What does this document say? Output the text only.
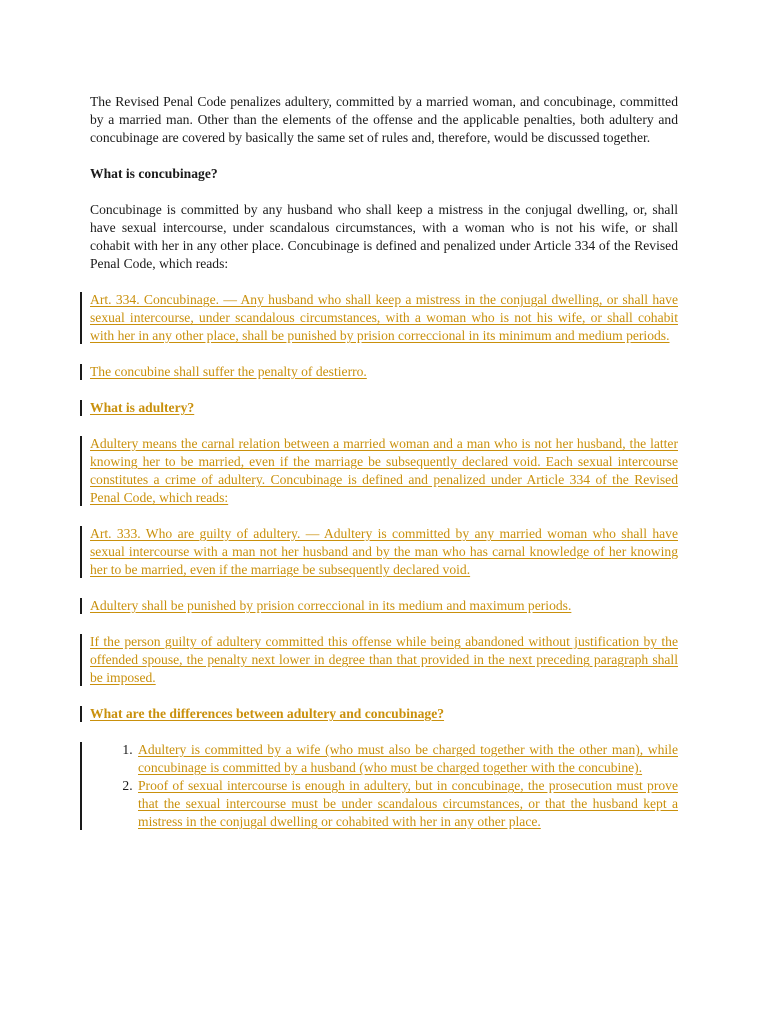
The Revised Penal Code penalizes adultery, committed by a married woman, and concubinage, committed by a married man. Other than the elements of the offense and the applicable penalties, both adultery and concubinage are covered by basically the same set of rules and, therefore, would be discussed together.

What is concubinage?

Concubinage is committed by any husband who shall keep a mistress in the conjugal dwelling, or, shall have sexual intercourse, under scandalous circumstances, with a woman who is not his wife, or shall cohabit with her in any other place. Concubinage is defined and penalized under Article 334 of the Revised Penal Code, which reads:

Art. 334. Concubinage. — Any husband who shall keep a mistress in the conjugal dwelling, or shall have sexual intercourse, under scandalous circumstances, with a woman who is not his wife, or shall cohabit with her in any other place, shall be punished by prision correccional in its minimum and medium periods.
The concubine shall suffer the penalty of destierro.
What is adultery?
Adultery means the carnal relation between a married woman and a man who is not her husband, the latter knowing her to be married, even if the marriage be subsequently declared void. Each sexual intercourse constitutes a crime of adultery. Concubinage is defined and penalized under Article 334 of the Revised Penal Code, which reads:
Art. 333. Who are guilty of adultery. — Adultery is committed by any married woman who shall have sexual intercourse with a man not her husband and by the man who has carnal knowledge of her knowing her to be married, even if the marriage be subsequently declared void.
Adultery shall be punished by prision correccional in its medium and maximum periods.
If the person guilty of adultery committed this offense while being abandoned without justification by the offended spouse, the penalty next lower in degree than that provided in the next preceding paragraph shall be imposed.
What are the differences between adultery and concubinage?
1. Adultery is committed by a wife (who must also be charged together with the other man), while concubinage is committed by a husband (who must be charged together with the concubine).
2. Proof of sexual intercourse is enough in adultery, but in concubinage, the prosecution must prove that the sexual intercourse must be under scandalous circumstances, or that the husband kept a mistress in the conjugal dwelling or cohabited with her in any other place.
